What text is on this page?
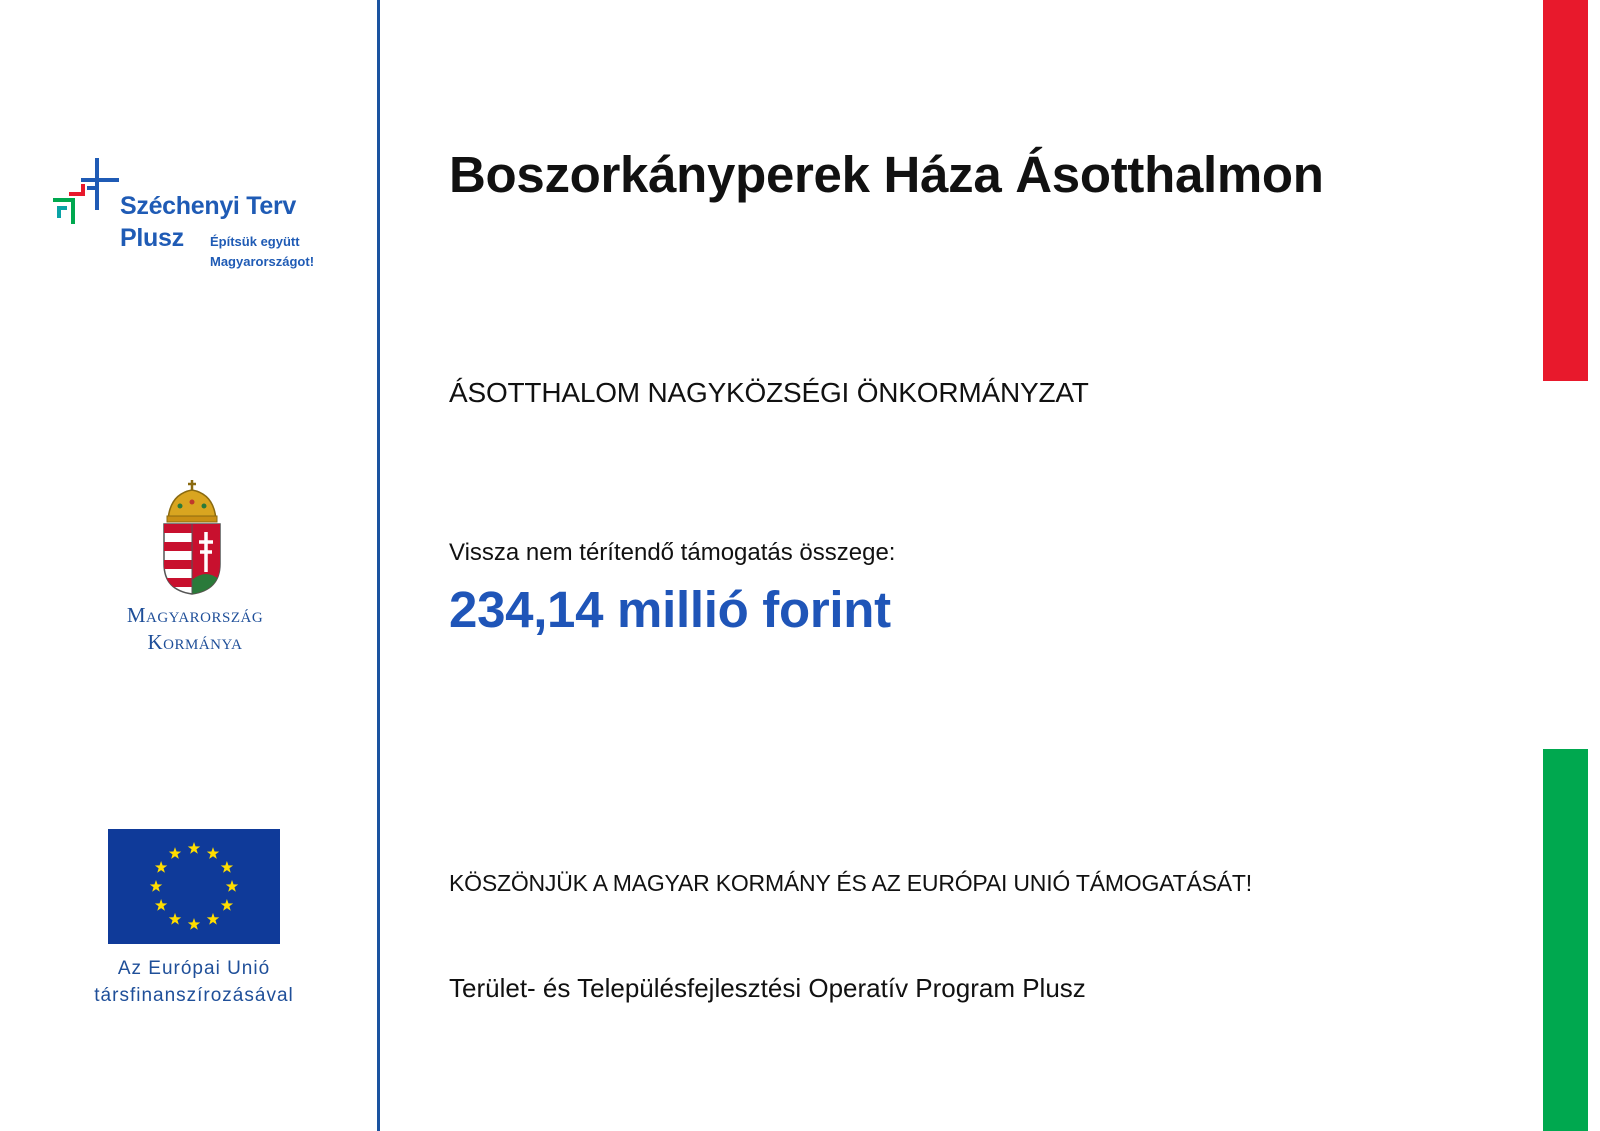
Széchenyi Terv
Plusz Építsük együtt
Magyarországot!
Magyarország
Kormánya
Az Európai Unió
társfinanszírozásával
Boszorkányperek Háza Ásotthalmon
ÁSOTTHALOM NAGYKÖZSÉGI ÖNKORMÁNYZAT
Vissza nem térítendő támogatás összege:
234,14 millió forint
KÖSZÖNJÜK A MAGYAR KORMÁNY ÉS AZ EURÓPAI UNIÓ TÁMOGATÁSÁT!
Terület- és Településfejlesztési Operatív Program Plusz
